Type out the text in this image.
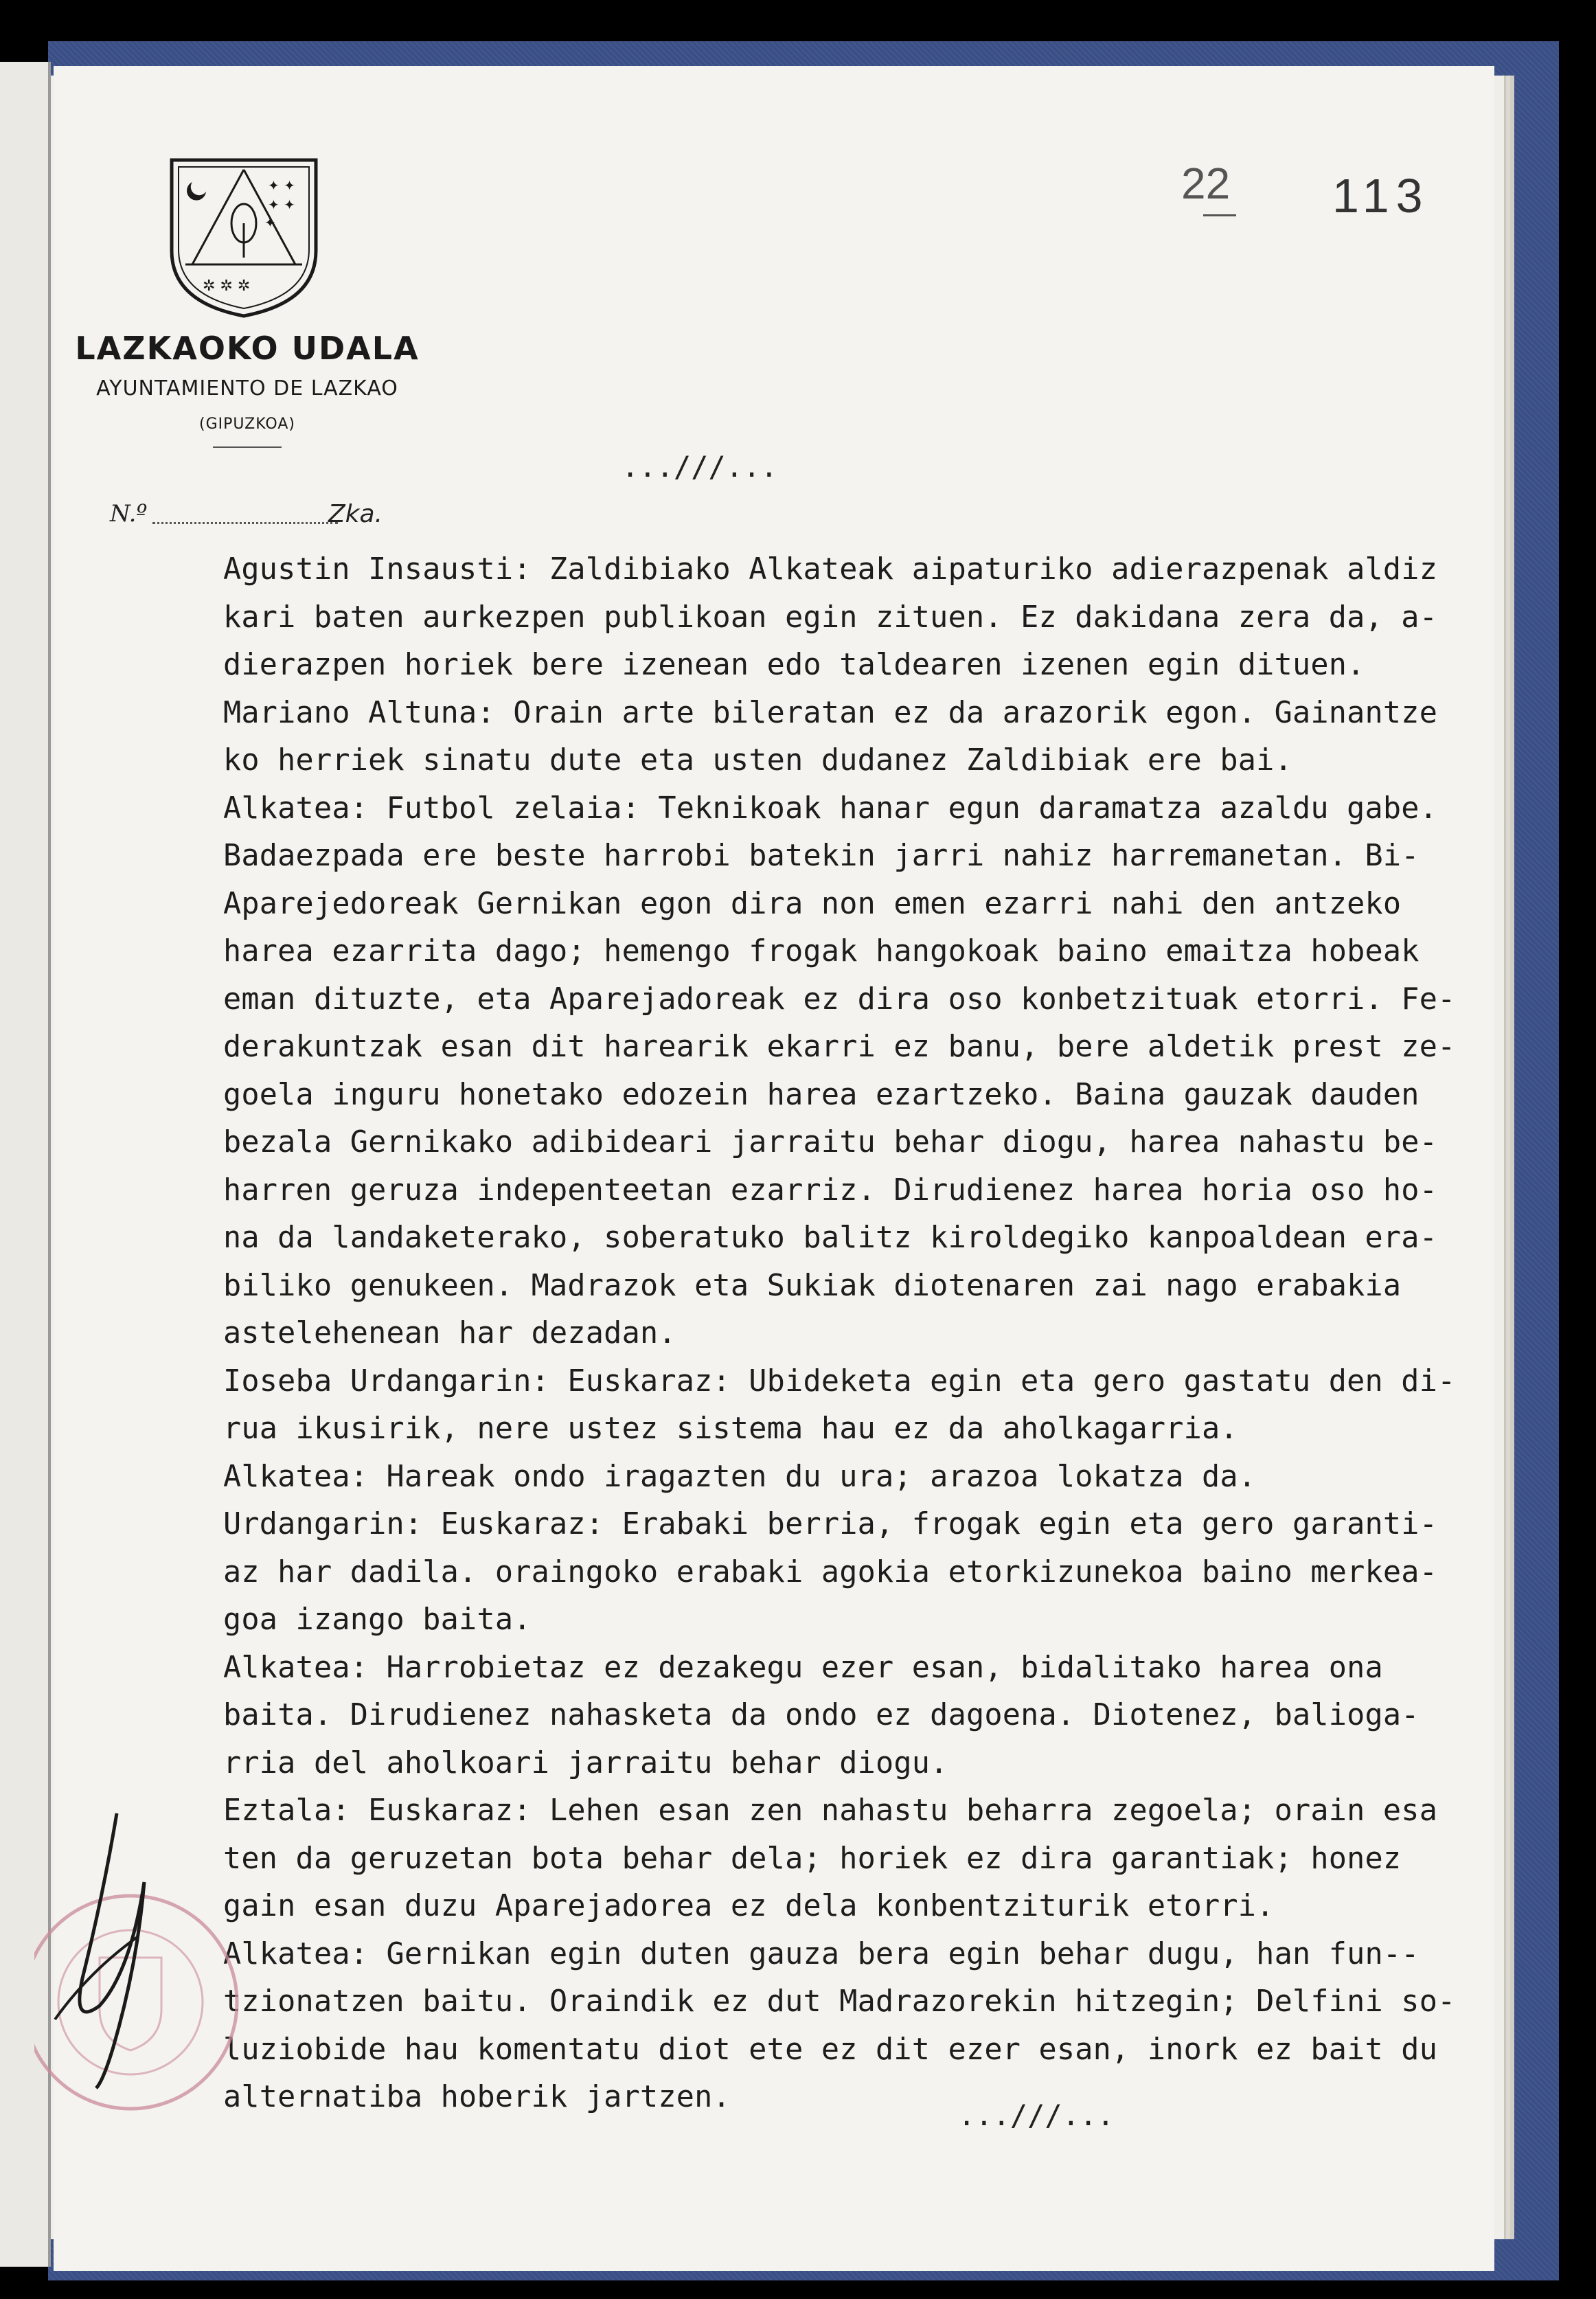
✦ ✦
✦ ✦
✦
✲ ✲ ✲
LAZKAOKO UDALA
AYUNTAMIENTO DE LAZKAO
(GIPUZKOA)
N.º	Zka.
22 113
...///...
Agustin Insausti: Zaldibiako Alkateak aipaturiko adierazpenak aldiz
kari baten aurkezpen publikoan egin zituen. Ez dakidana zera da, a-
dierazpen horiek bere izenean edo taldearen izenen egin dituen.
Mariano Altuna: Orain arte bileratan ez da arazorik egon. Gainantze
ko herriek sinatu dute eta usten dudanez Zaldibiak ere bai.
Alkatea: Futbol zelaia: Teknikoak hanar egun daramatza azaldu gabe.
Badaezpada ere beste harrobi batekin jarri nahiz harremanetan. Bi-
Aparejedoreak Gernikan egon dira non emen ezarri nahi den antzeko
harea ezarrita dago; hemengo frogak hangokoak baino emaitza hobeak
eman dituzte, eta Aparejadoreak ez dira oso konbetzituak etorri. Fe-
derakuntzak esan dit harearik ekarri ez banu, bere aldetik prest ze-
goela inguru honetako edozein harea ezartzeko. Baina gauzak dauden
bezala Gernikako adibideari jarraitu behar diogu, harea nahastu be-
harren geruza indepenteetan ezarriz. Dirudienez harea horia oso ho-
na da landaketerako, soberatuko balitz kiroldegiko kanpoaldean era-
biliko genukeen. Madrazok eta Sukiak diotenaren zai nago erabakia
astelehenean har dezadan.
Ioseba Urdangarin: Euskaraz: Ubideketa egin eta gero gastatu den di-
rua ikusirik, nere ustez sistema hau ez da aholkagarria.
Alkatea: Hareak ondo iragazten du ura; arazoa lokatza da.
Urdangarin: Euskaraz: Erabaki berria, frogak egin eta gero garanti-
az har dadila. oraingoko erabaki agokia etorkizunekoa baino merkea-
goa izango baita.
Alkatea: Harrobietaz ez dezakegu ezer esan, bidalitako harea ona
baita. Dirudienez nahasketa da ondo ez dagoena. Diotenez, balioga-
rria del aholkoari jarraitu behar diogu.
Eztala: Euskaraz: Lehen esan zen nahastu beharra zegoela; orain esa
ten da geruzetan bota behar dela; horiek ez dira garantiak; honez
gain esan duzu Aparejadorea ez dela konbentziturik etorri.
Alkatea: Gernikan egin duten gauza bera egin behar dugu, han fun--
tzionatzen baitu. Oraindik ez dut Madrazorekin hitzegin; Delfini so-
luziobide hau komentatu diot ete ez dit ezer esan, inork ez bait du
alternatiba hoberik jartzen.
...///...
